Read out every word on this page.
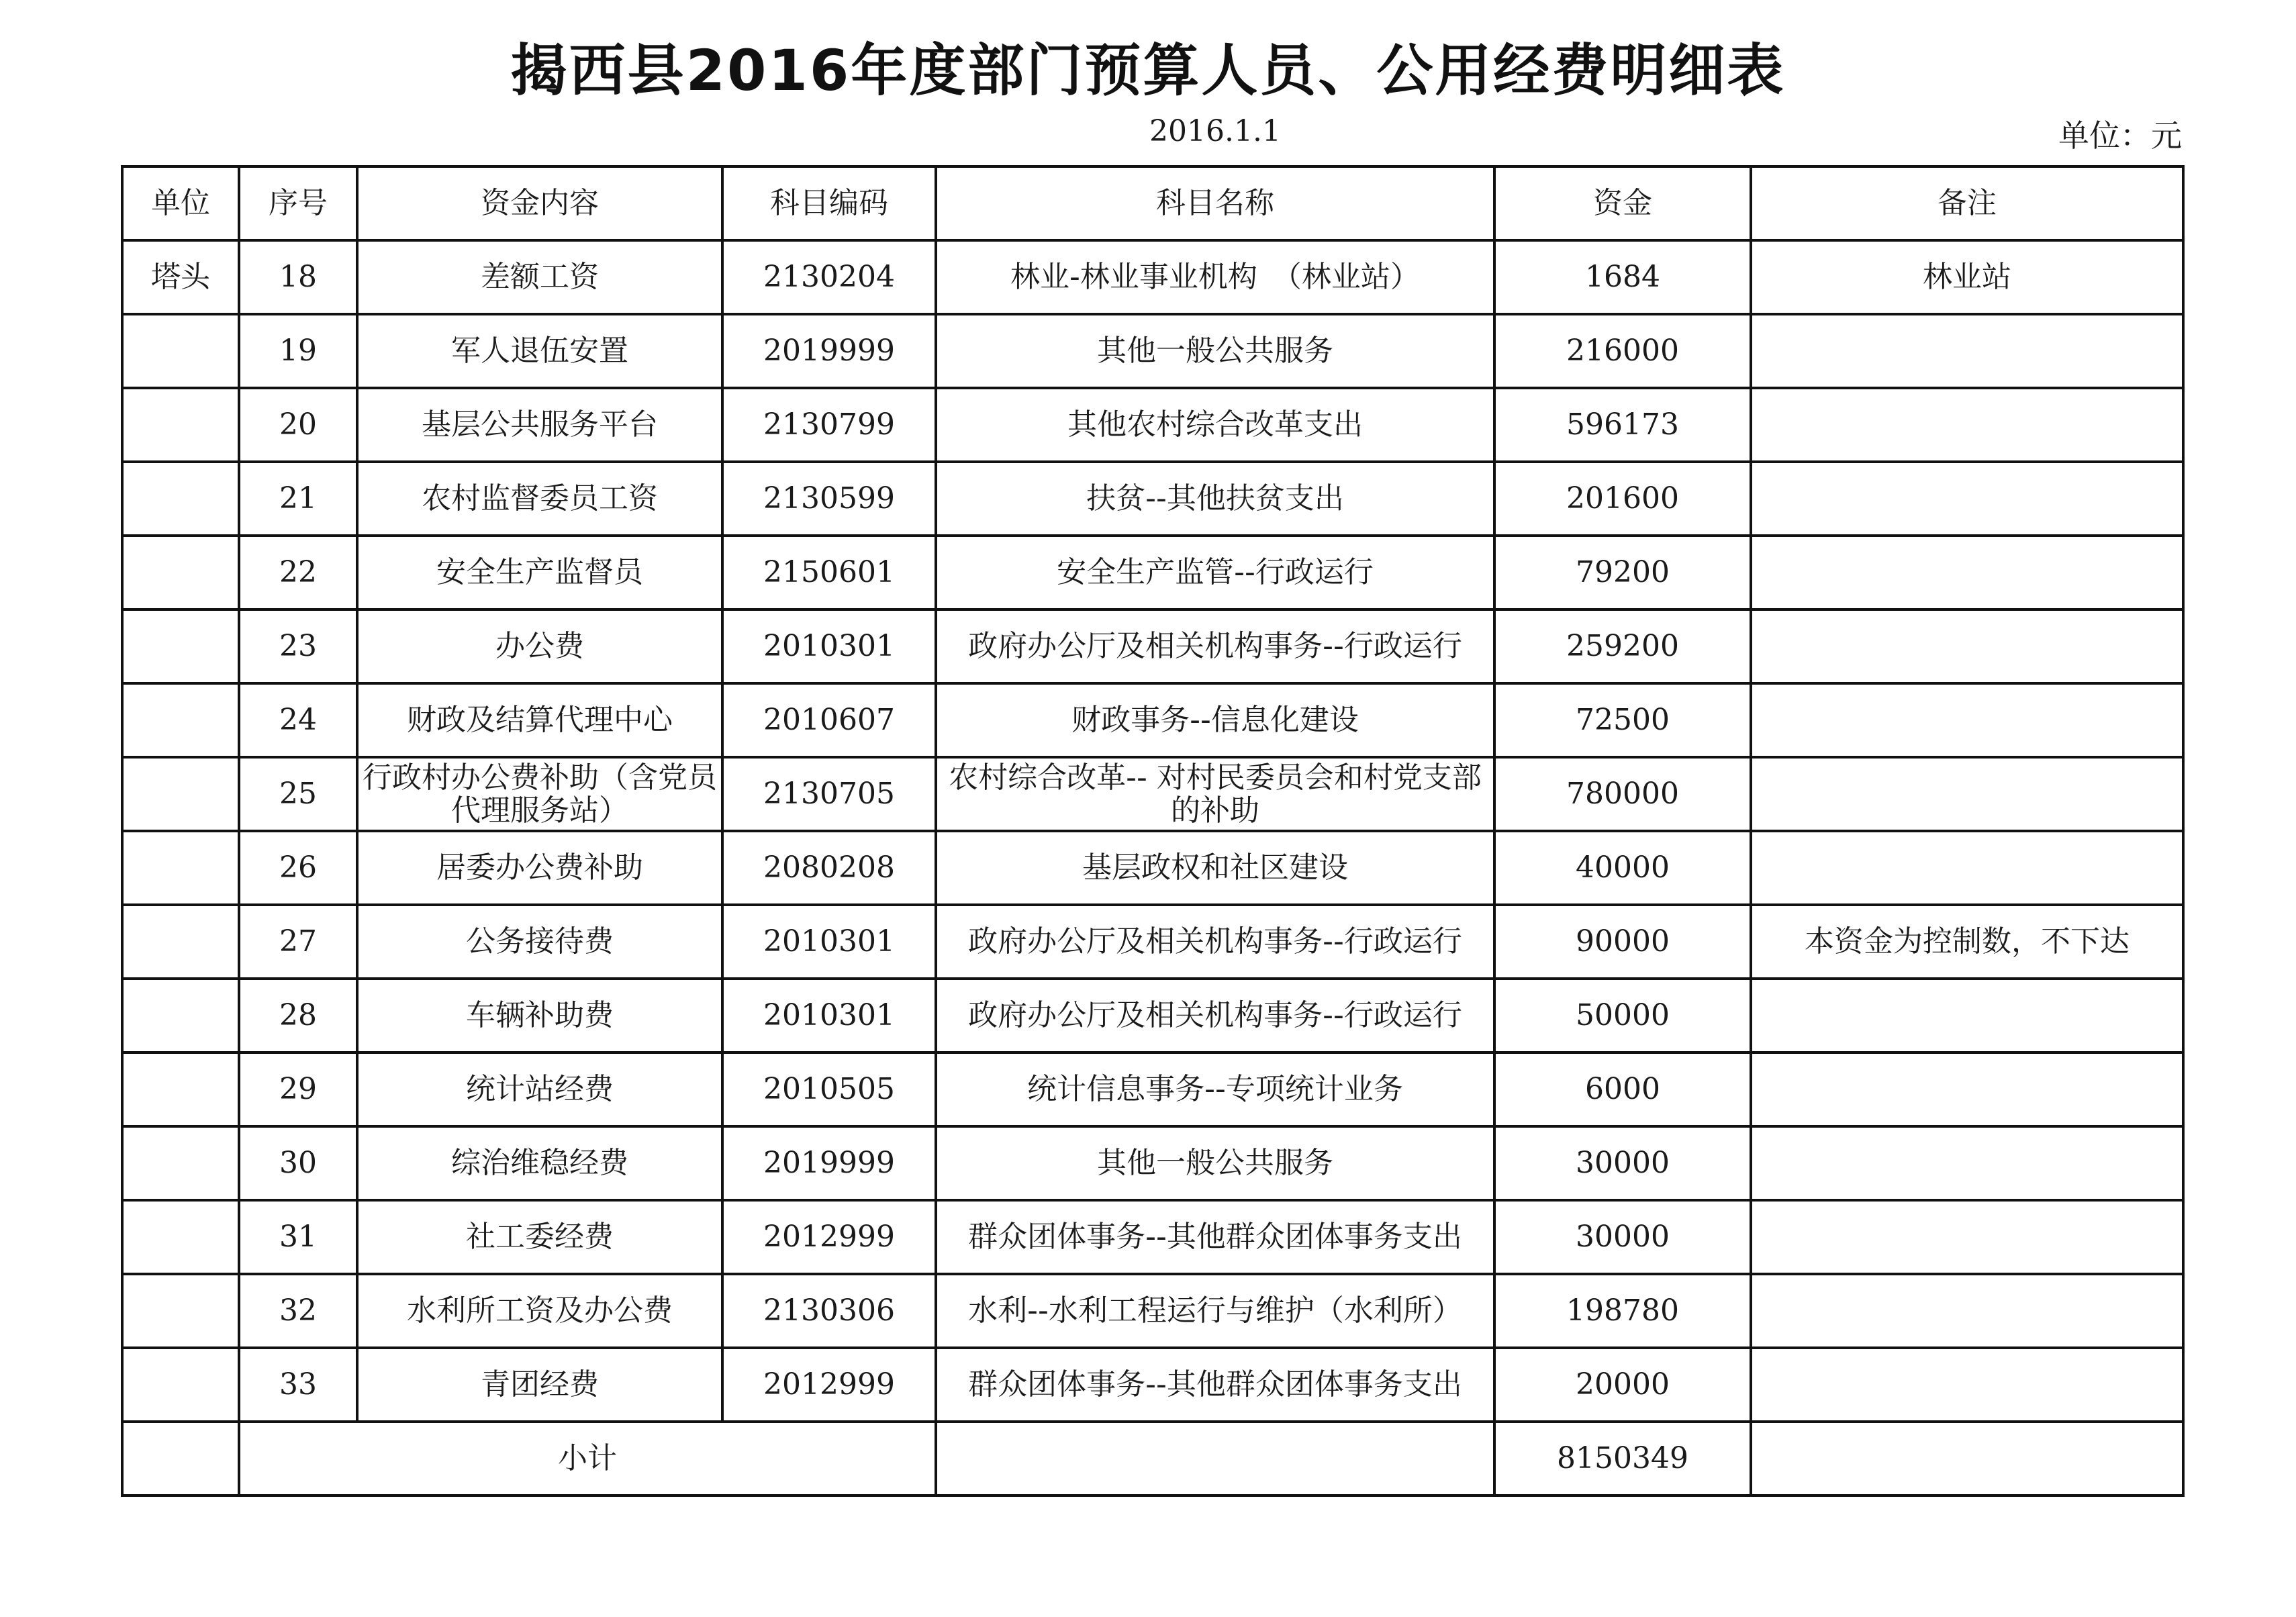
揭西县2016年度部门预算人员、公用经费明细表
2016.1.1	单位：元
单位	序号	资金内容	科目编码	科目名称	资金	备注
塔头	18	差额工资	2130204	林业-林业事业机构　（林业站）	1684	林业站
	19	军人退伍安置	2019999	其他一般公共服务	216000	
	20	基层公共服务平台	2130799	其他农村综合改革支出	596173	
	21	农村监督委员工资	2130599	扶贫--其他扶贫支出	201600	
	22	安全生产监督员	2150601	安全生产监管--行政运行	79200	
	23	办公费	2010301	政府办公厅及相关机构事务--行政运行	259200	
	24	财政及结算代理中心	2010607	财政事务--信息化建设	72500	
	25	行政村办公费补助（含党员代理服务站）	2130705	农村综合改革-- 对村民委员会和村党支部的补助	780000	
	26	居委办公费补助	2080208	基层政权和社区建设	40000	
	27	公务接待费	2010301	政府办公厅及相关机构事务--行政运行	90000	本资金为控制数，不下达
	28	车辆补助费	2010301	政府办公厅及相关机构事务--行政运行	50000	
	29	统计站经费	2010505	统计信息事务--专项统计业务	6000	
	30	综治维稳经费	2019999	其他一般公共服务	30000	
	31	社工委经费	2012999	群众团体事务--其他群众团体事务支出	30000	
	32	水利所工资及办公费	2130306	水利--水利工程运行与维护（水利所）	198780	
	33	青团经费	2012999	群众团体事务--其他群众团体事务支出	20000	
	小计				8150349	
